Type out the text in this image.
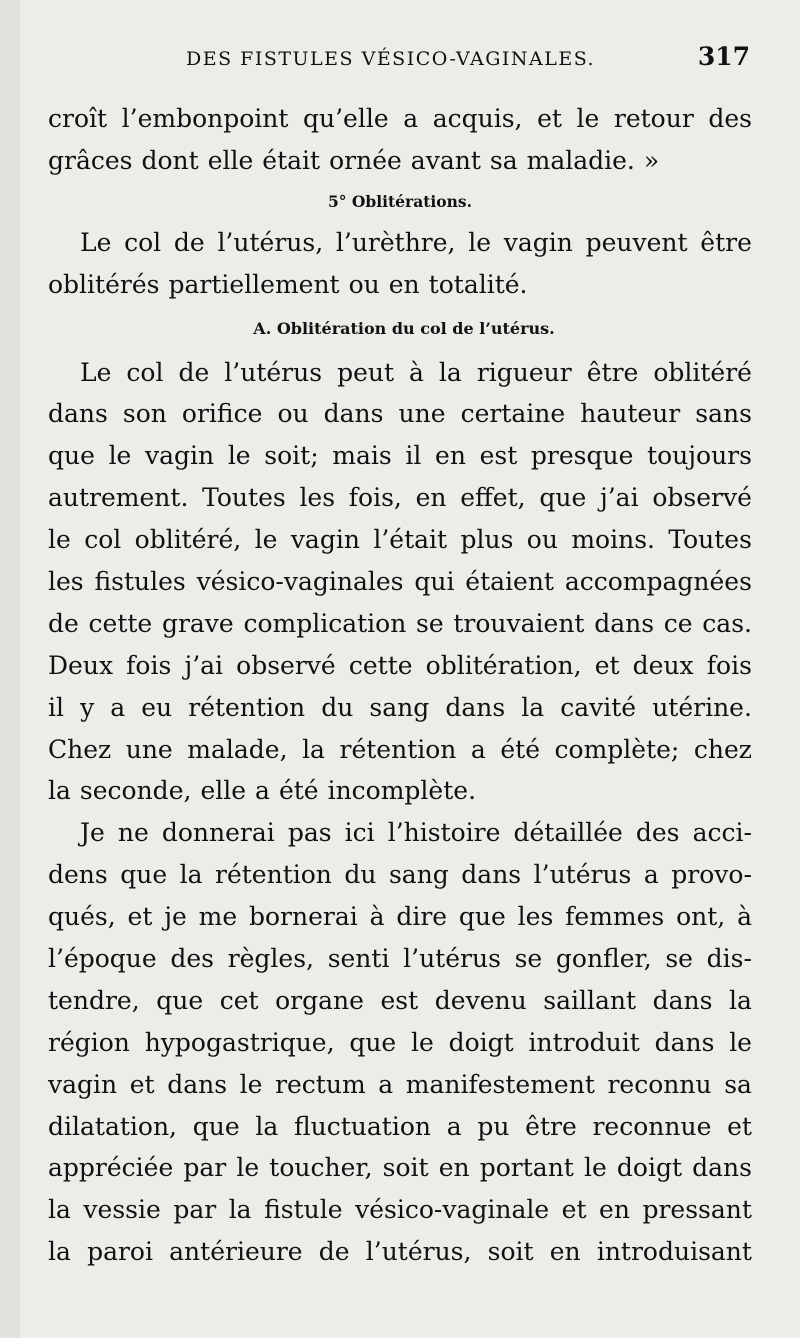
DES FISTULES VÉSICO-VAGINALES.	317
croît l’embonpoint qu’elle a acquis, et le retour des
grâces dont elle était ornée avant sa maladie. »
5° Oblitérations.
Le col de l’utérus, l’urèthre, le vagin peuvent être
oblitérés partiellement ou en totalité.
A. Oblitération du col de l’utérus.
Le col de l’utérus peut à la rigueur être oblitéré
dans son orifice ou dans une certaine hauteur sans
que le vagin le soit; mais il en est presque toujours
autrement. Toutes les fois, en effet, que j’ai observé
le col oblitéré, le vagin l’était plus ou moins. Toutes
les fistules vésico-vaginales qui étaient accompagnées
de cette grave complication se trouvaient dans ce cas.
Deux fois j’ai observé cette oblitération, et deux fois
il y a eu rétention du sang dans la cavité utérine.
Chez une malade, la rétention a été complète; chez
la seconde, elle a été incomplète.
Je ne donnerai pas ici l’histoire détaillée des acci-
dens que la rétention du sang dans l’utérus a provo-
qués, et je me bornerai à dire que les femmes ont, à
l’époque des règles, senti l’utérus se gonfler, se dis-
tendre, que cet organe est devenu saillant dans la
région hypogastrique, que le doigt introduit dans le
vagin et dans le rectum a manifestement reconnu sa
dilatation, que la fluctuation a pu être reconnue et
appréciée par le toucher, soit en portant le doigt dans
la vessie par la fistule vésico-vaginale et en pressant
la paroi antérieure de l’utérus, soit en introduisant
